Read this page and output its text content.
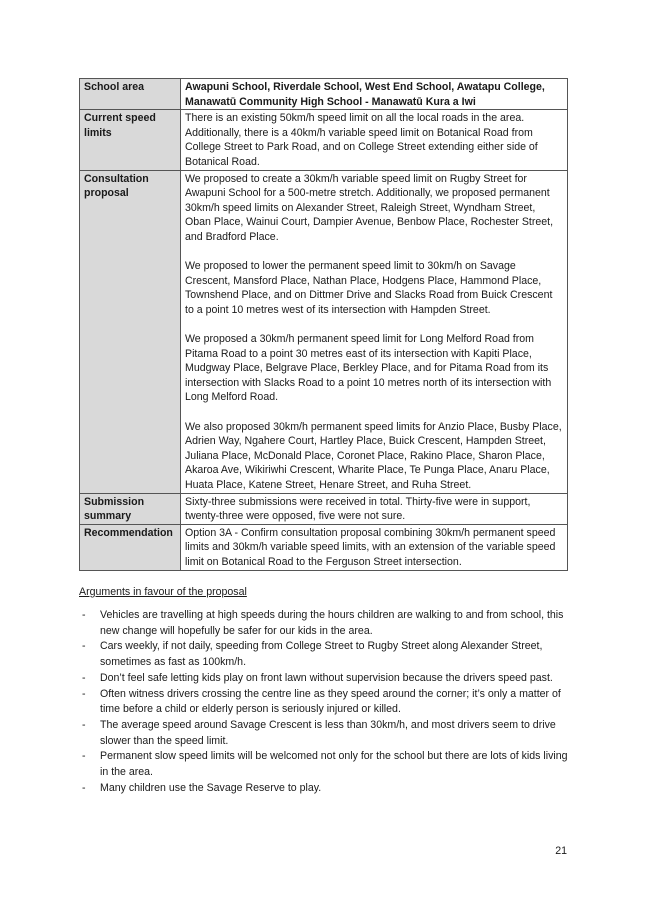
School area	Awapuni School, Riverdale School, West End School, Awatapu College, Manawatū Community High School - Manawatū Kura a Iwi

Current speed limits	There is an existing 50km/h speed limit on all the local roads in the area. Additionally, there is a 40km/h variable speed limit on Botanical Road from College Street to Park Road, and on College Street extending either side of Botanical Road.

Consultation proposal	We proposed to create a 30km/h variable speed limit on Rugby Street for Awapuni School for a 500-metre stretch. Additionally, we proposed permanent 30km/h speed limits on Alexander Street, Raleigh Street, Wyndham Street, Oban Place, Wainui Court, Dampier Avenue, Benbow Place, Rochester Street, and Bradford Place.

We proposed to lower the permanent speed limit to 30km/h on Savage Crescent, Mansford Place, Nathan Place, Hodgens Place, Hammond Place, Townshend Place, and on Dittmer Drive and Slacks Road from Buick Crescent to a point 10 metres west of its intersection with Hampden Street.

We proposed a 30km/h permanent speed limit for Long Melford Road from Pitama Road to a point 30 metres east of its intersection with Kapiti Place, Mudgway Place, Belgrave Place, Berkley Place, and for Pitama Road from its intersection with Slacks Road to a point 10 metres north of its intersection with Long Melford Road.

We also proposed 30km/h permanent speed limits for Anzio Place, Busby Place, Adrien Way, Ngahere Court, Hartley Place, Buick Crescent, Hampden Street, Juliana Place, McDonald Place, Coronet Place, Rakino Place, Sharon Place, Akaroa Ave, Wikiriwhi Crescent, Wharite Place, Te Punga Place, Anaru Place, Huata Place, Katene Street, Henare Street, and Ruha Street.

Submission summary	Sixty-three submissions were received in total. Thirty-five were in support, twenty-three were opposed, five were not sure.

Recommendation	Option 3A - Confirm consultation proposal combining 30km/h permanent speed limits and 30km/h variable speed limits, with an extension of the variable speed limit on Botanical Road to the Ferguson Street intersection.

Arguments in favour of the proposal
- Vehicles are travelling at high speeds during the hours children are walking to and from school, this new change will hopefully be safer for our kids in the area.
- Cars weekly, if not daily, speeding from College Street to Rugby Street along Alexander Street, sometimes as fast as 100km/h.
- Don’t feel safe letting kids play on front lawn without supervision because the drivers speed past.
- Often witness drivers crossing the centre line as they speed around the corner; it’s only a matter of time before a child or elderly person is seriously injured or killed.
- The average speed around Savage Crescent is less than 30km/h, and most drivers seem to drive slower than the speed limit.
- Permanent slow speed limits will be welcomed not only for the school but there are lots of kids living in the area.
- Many children use the Savage Reserve to play.
21
